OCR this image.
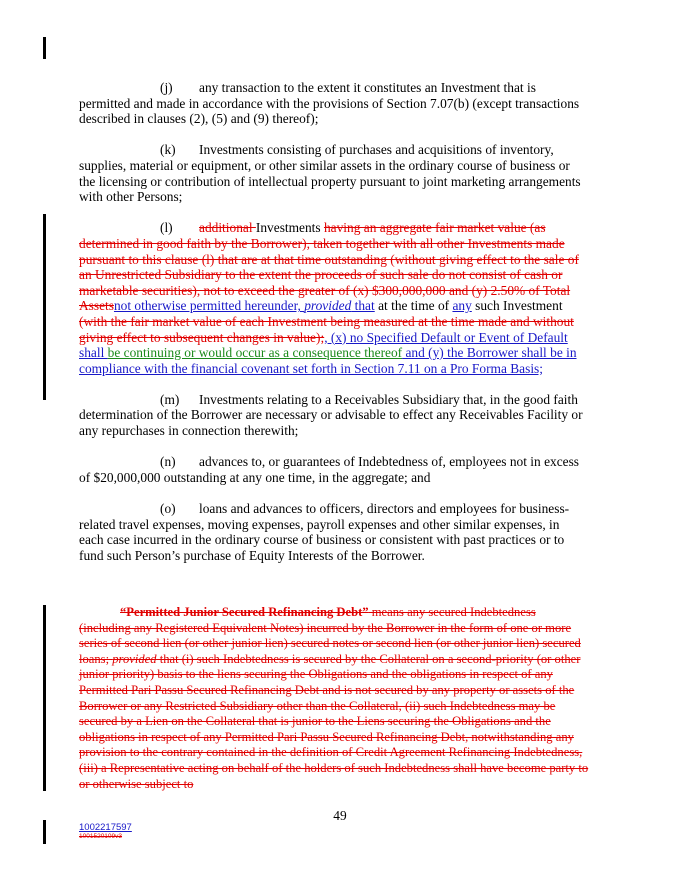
(j) any transaction to the extent it constitutes an Investment that is permitted and made in accordance with the provisions of Section 7.07(b) (except transactions described in clauses (2), (5) and (9) thereof);

(k) Investments consisting of purchases and acquisitions of inventory, supplies, material or equipment, or other similar assets in the ordinary course of business or the licensing or contribution of intellectual property pursuant to joint marketing arrangements with other Persons;

(l) additional Investments having an aggregate fair market value (as determined in good faith by the Borrower), taken together with all other Investments made pursuant to this clause (l) that are at that time outstanding (without giving effect to the sale of an Unrestricted Subsidiary to the extent the proceeds of such sale do not consist of cash or marketable securities), not to exceed the greater of (x) $300,000,000 and (y) 2.50% of Total Assetsnot otherwise permitted hereunder, provided that at the time of any such Investment (with the fair market value of each Investment being measured at the time made and without giving effect to subsequent changes in value);, (x) no Specified Default or Event of Default shall be continuing or would occur as a consequence thereof and (y) the Borrower shall be in compliance with the financial covenant set forth in Section 7.11 on a Pro Forma Basis;

(m) Investments relating to a Receivables Subsidiary that, in the good faith determination of the Borrower are necessary or advisable to effect any Receivables Facility or any repurchases in connection therewith;

(n) advances to, or guarantees of Indebtedness of, employees not in excess of $20,000,000 outstanding at any one time, in the aggregate; and

(o) loans and advances to officers, directors and employees for business-related travel expenses, moving expenses, payroll expenses and other similar expenses, in each case incurred in the ordinary course of business or consistent with past practices or to fund such Person’s purchase of Equity Interests of the Borrower.

“Permitted Junior Secured Refinancing Debt” means any secured Indebtedness (including any Registered Equivalent Notes) incurred by the Borrower in the form of one or more series of second lien (or other junior lien) secured notes or second lien (or other junior lien) secured loans; provided that (i) such Indebtedness is secured by the Collateral on a second-priority (or other junior priority) basis to the liens securing the Obligations and the obligations in respect of any Permitted Pari Passu Secured Refinancing Debt and is not secured by any property or assets of the Borrower or any Restricted Subsidiary other than the Collateral, (ii) such Indebtedness may be secured by a Lien on the Collateral that is junior to the Liens securing the Obligations and the obligations in respect of any Permitted Pari Passu Secured Refinancing Debt, notwithstanding any provision to the contrary contained in the definition of Credit Agreement Refinancing Indebtedness, (iii) a Representative acting on behalf of the holders of such Indebtedness shall have become party to or otherwise subject to
49
1002217597
1001520109v3
